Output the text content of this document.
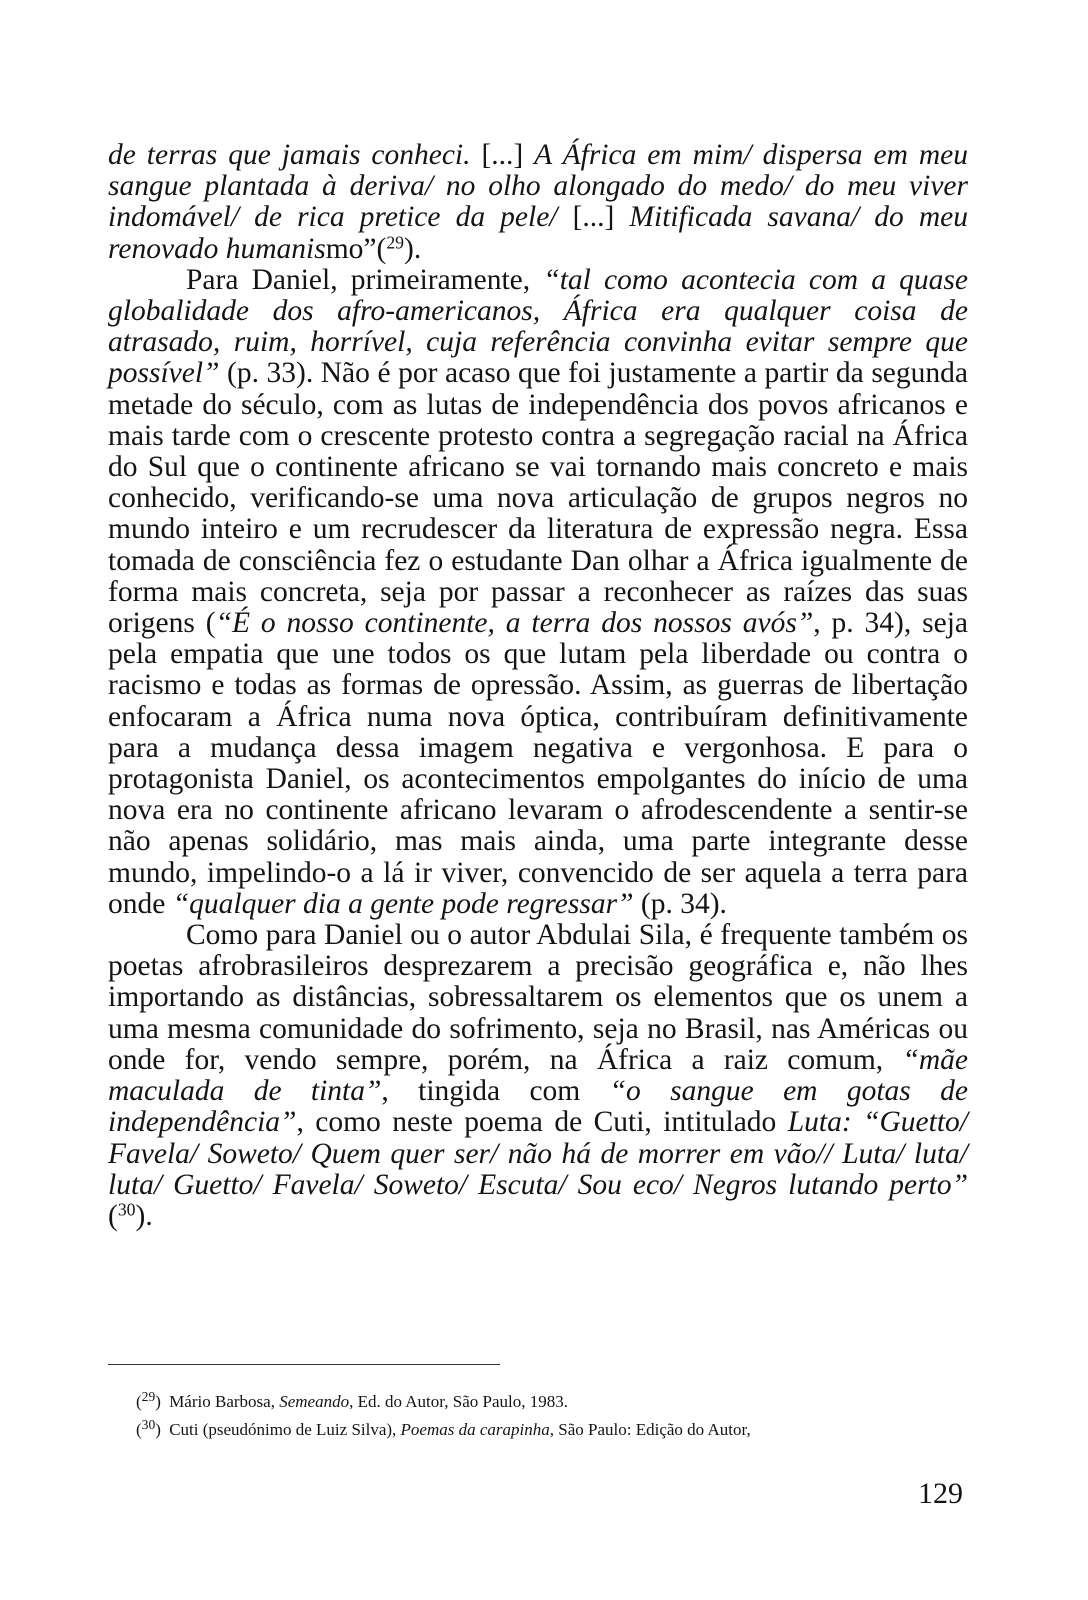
de terras que jamais conheci. [...] A África em mim/ dispersa em meu sangue plantada à deriva/ no olho alongado do medo/ do meu viver indomável/ de rica pretice da pele/ [...] Mitificada savana/ do meu renovado humanismo”($^{29}$).

Para Daniel, primeiramente, “tal como acontecia com a quase globalidade dos afro-americanos, África era qualquer coisa de atrasado, ruim, horrível, cuja referência convinha evitar sempre que possível” (p. 33). Não é por acaso que foi justamente a partir da segunda metade do século, com as lutas de independência dos povos africanos e mais tarde com o crescente protesto contra a segregação racial na África do Sul que o continente africano se vai tornando mais concreto e mais conhecido, verificando-se uma nova articulação de grupos negros no mundo inteiro e um recrudescer da literatura de expressão negra. Essa tomada de consciência fez o estudante Dan olhar a África igualmente de forma mais concreta, seja por passar a reconhecer as raízes das suas origens (“É o nosso continente, a terra dos nossos avós”, p. 34), seja pela empatia que une todos os que lutam pela liberdade ou contra o racismo e todas as formas de opressão. Assim, as guerras de libertação enfocaram a África numa nova óptica, contribuíram definitivamente para a mudança dessa imagem negativa e vergonhosa. E para o protagonista Daniel, os acontecimentos empolgantes do início de uma nova era no continente africano levaram o afrodescendente a sentir-se não apenas solidário, mas mais ainda, uma parte integrante desse mundo, impelindo-o a lá ir viver, convencido de ser aquela a terra para onde “qualquer dia a gente pode regressar” (p. 34).

Como para Daniel ou o autor Abdulai Sila, é frequente também os poetas afrobrasileiros desprezarem a precisão geográfica e, não lhes importando as distâncias, sobressaltarem os elementos que os unem a uma mesma comunidade do sofrimento, seja no Brasil, nas Américas ou onde for, vendo sempre, porém, na África a raiz comum, “mãe maculada de tinta”, tingida com “o sangue em gotas de independência”, como neste poema de Cuti, intitulado Luta: “Guetto/ Favela/ Soweto/ Quem quer ser/ não há de morrer em vão// Luta/ luta/ luta/ Guetto/ Favela/ Soweto/ Escuta/ Sou eco/ Negros lutando perto” ($^{30}$).

($^{29}$) Mário Barbosa, Semeando, Ed. do Autor, São Paulo, 1983.

($^{30}$) Cuti (pseudónimo de Luiz Silva), Poemas da carapinha, São Paulo: Edição do Autor,

129
